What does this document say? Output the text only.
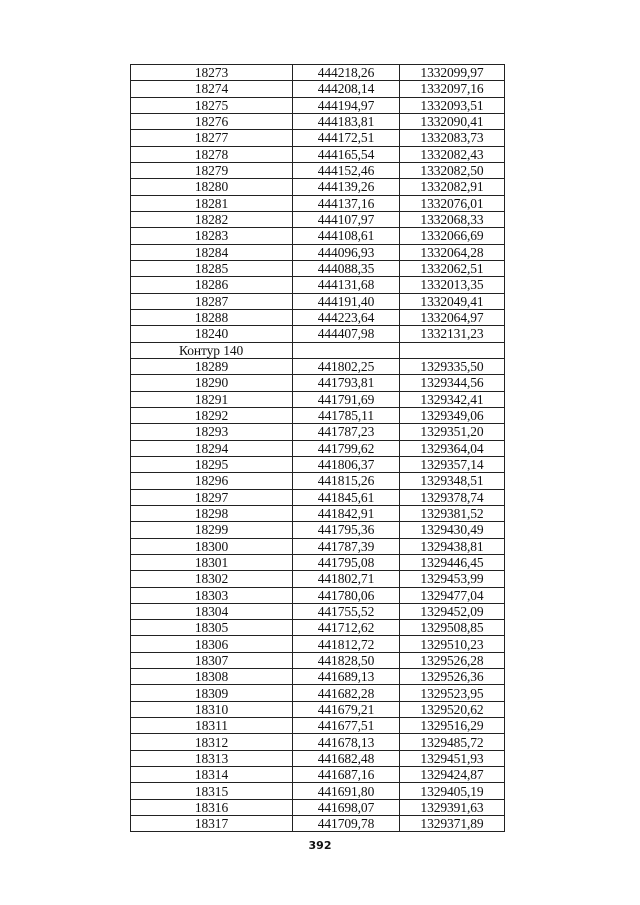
18273	444218,26	1332099,97
18274	444208,14	1332097,16
18275	444194,97	1332093,51
18276	444183,81	1332090,41
18277	444172,51	1332083,73
18278	444165,54	1332082,43
18279	444152,46	1332082,50
18280	444139,26	1332082,91
18281	444137,16	1332076,01
18282	444107,97	1332068,33
18283	444108,61	1332066,69
18284	444096,93	1332064,28
18285	444088,35	1332062,51
18286	444131,68	1332013,35
18287	444191,40	1332049,41
18288	444223,64	1332064,97
18240	444407,98	1332131,23
Контур 140		
18289	441802,25	1329335,50
18290	441793,81	1329344,56
18291	441791,69	1329342,41
18292	441785,11	1329349,06
18293	441787,23	1329351,20
18294	441799,62	1329364,04
18295	441806,37	1329357,14
18296	441815,26	1329348,51
18297	441845,61	1329378,74
18298	441842,91	1329381,52
18299	441795,36	1329430,49
18300	441787,39	1329438,81
18301	441795,08	1329446,45
18302	441802,71	1329453,99
18303	441780,06	1329477,04
18304	441755,52	1329452,09
18305	441712,62	1329508,85
18306	441812,72	1329510,23
18307	441828,50	1329526,28
18308	441689,13	1329526,36
18309	441682,28	1329523,95
18310	441679,21	1329520,62
18311	441677,51	1329516,29
18312	441678,13	1329485,72
18313	441682,48	1329451,93
18314	441687,16	1329424,87
18315	441691,80	1329405,19
18316	441698,07	1329391,63
18317	441709,78	1329371,89
392
